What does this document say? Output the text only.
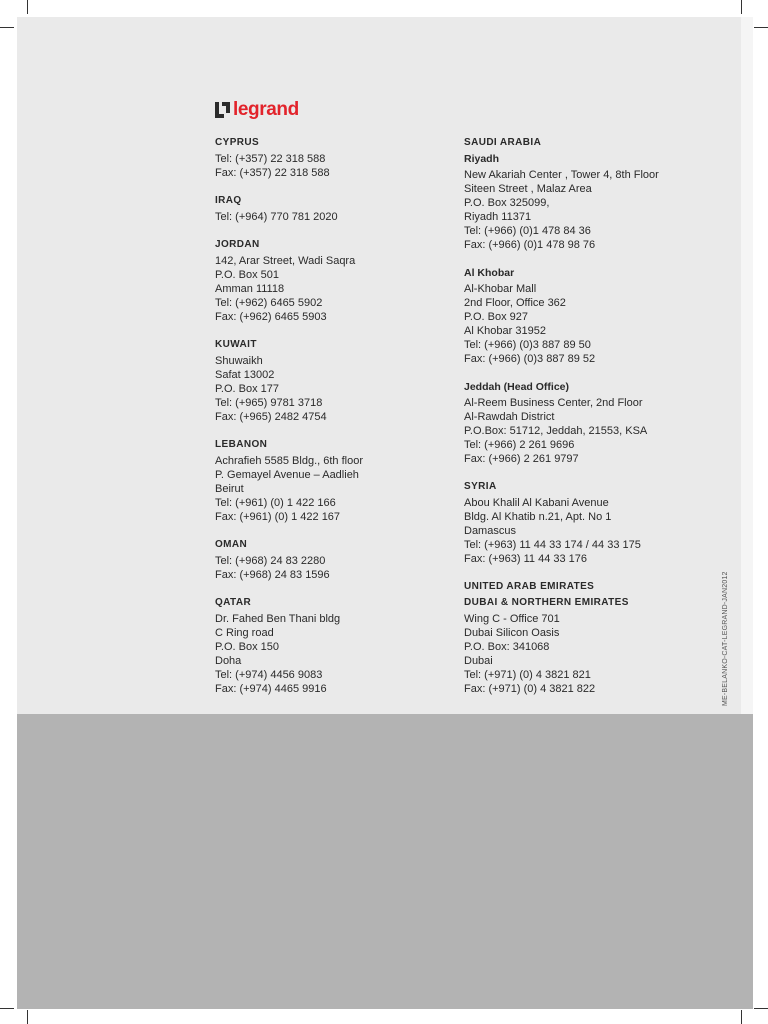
legrand
CYPRUS
Tel: (+357) 22 318 588
Fax: (+357) 22 318 588
IRAQ
Tel: (+964) 770 781 2020
JORDAN
142, Arar Street, Wadi Saqra
P.O. Box 501
Amman 11118
Tel: (+962) 6465 5902
Fax: (+962) 6465 5903
KUWAIT
Shuwaikh
Safat 13002
P.O. Box 177
Tel: (+965) 9781 3718
Fax: (+965) 2482 4754
LEBANON
Achrafieh 5585 Bldg., 6th floor
P. Gemayel Avenue – Aadlieh
Beirut
Tel: (+961) (0) 1 422 166
Fax: (+961) (0) 1 422 167
OMAN
Tel: (+968) 24 83 2280
Fax: (+968) 24 83 1596
QATAR
Dr. Fahed Ben Thani bldg
C Ring road
P.O. Box 150
Doha
Tel: (+974) 4456 9083
Fax: (+974) 4465 9916
SAUDI ARABIA
Riyadh
New Akariah Center , Tower 4, 8th Floor
Siteen Street , Malaz Area
P.O. Box 325099,
Riyadh 11371
Tel: (+966) (0)1 478 84 36
Fax: (+966) (0)1 478 98 76
Al Khobar
Al-Khobar Mall
2nd Floor, Office 362
P.O. Box 927
Al Khobar 31952
Tel: (+966) (0)3 887 89 50
Fax: (+966) (0)3 887 89 52
Jeddah (Head Office)
Al-Reem Business Center, 2nd Floor
Al-Rawdah District
P.O.Box: 51712, Jeddah, 21553, KSA
Tel: (+966) 2 261 9696
Fax: (+966) 2 261 9797
SYRIA
Abou Khalil Al Kabani Avenue
Bldg. Al Khatib n.21, Apt. No 1
Damascus
Tel: (+963) 11 44 33 174 / 44 33 175
Fax: (+963) 11 44 33 176
UNITED ARAB EMIRATES
DUBAI & NORTHERN EMIRATES
Wing C - Office 701
Dubai Silicon Oasis
P.O. Box: 341068
Dubai
Tel: (+971) (0) 4 3821 821
Fax: (+971) (0) 4 3821 822	ME-BELANKO-CAT-LEGRAND-JAN2012
